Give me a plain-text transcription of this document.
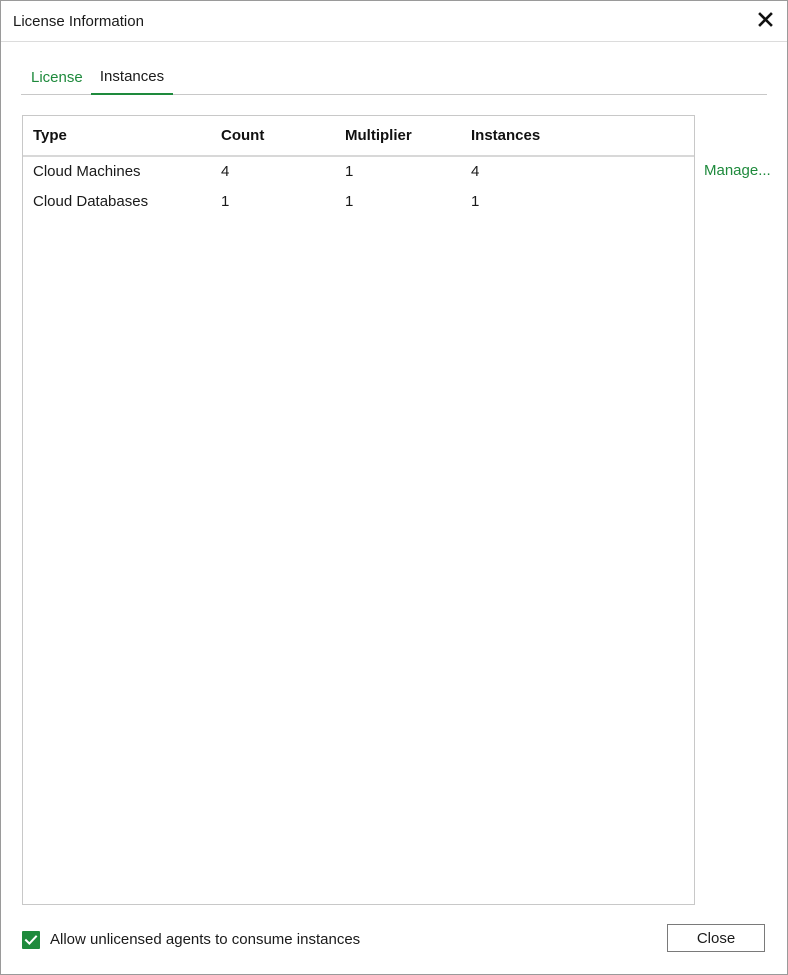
License Information
License	Instances
Type	Count	Multiplier	Instances
Cloud Machines	4	1	4
Cloud Databases	1	1	1
Manage...
Allow unlicensed agents to consume instances	Close
